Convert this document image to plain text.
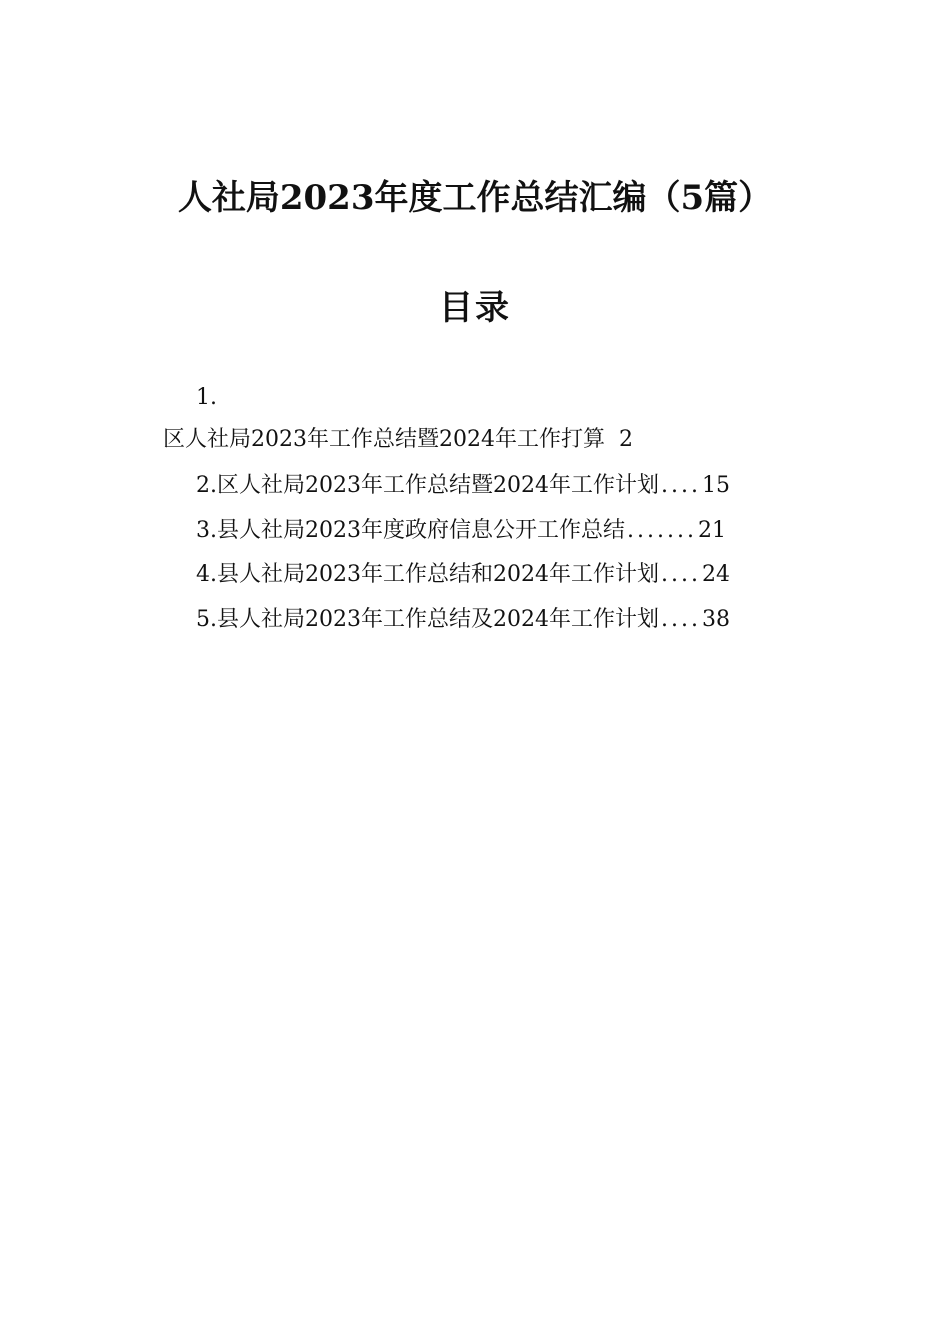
人社局2023年度工作总结汇编（5篇）
目录
1.
区人社局2023年工作总结暨2024年工作打算 2
2. 区人社局2023年工作总结暨2024年工作计划 .... 15
3. 县人社局2023年度政府信息公开工作总结 ....... 21
4. 县人社局2023年工作总结和2024年工作计划 .... 24
5. 县人社局2023年工作总结及2024年工作计划 .... 38
